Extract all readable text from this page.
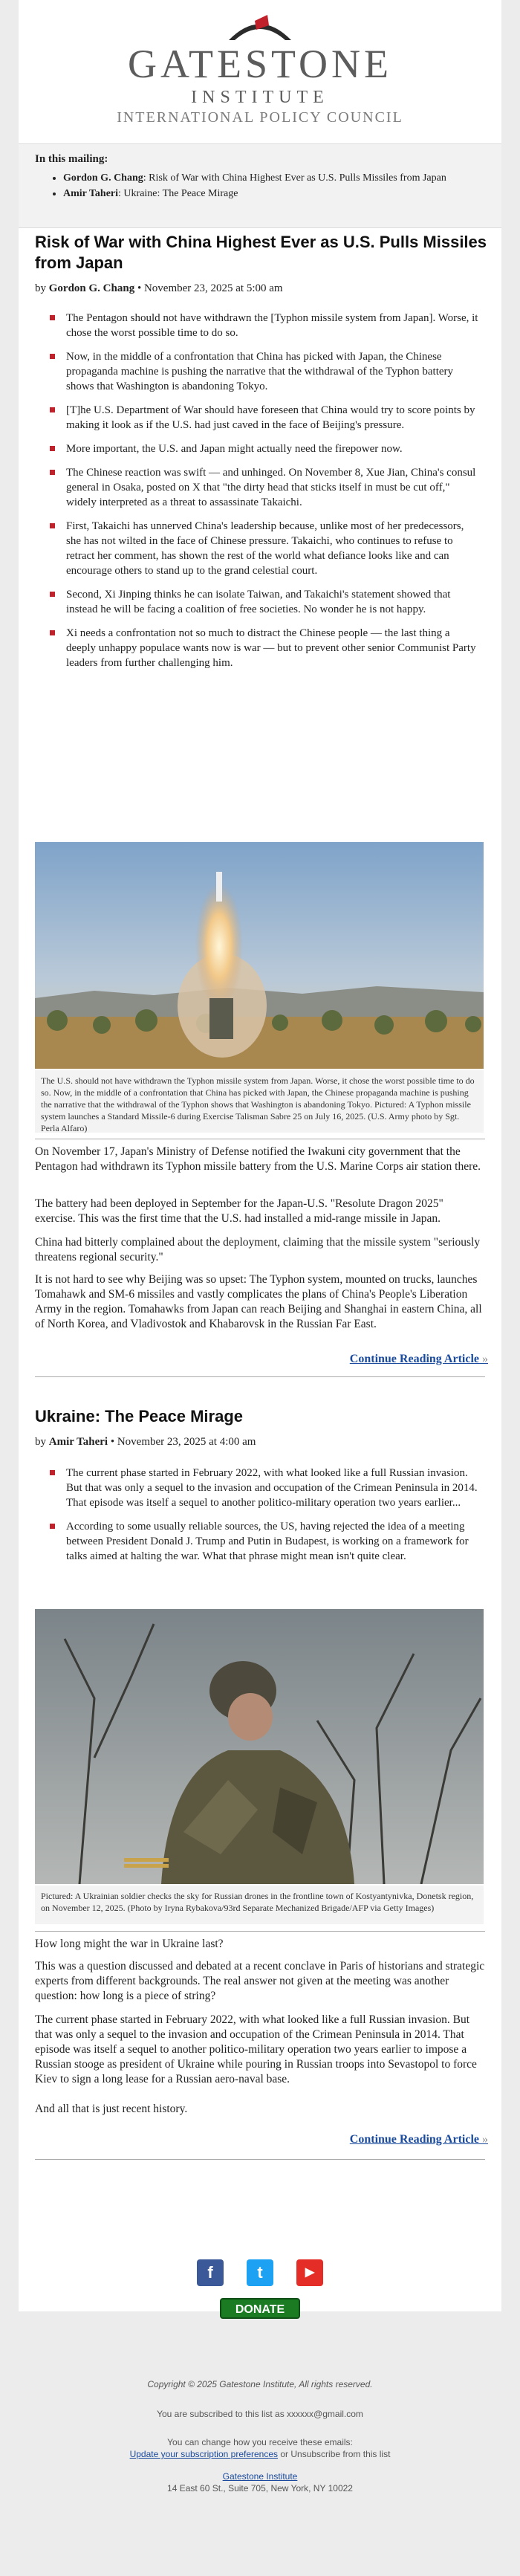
GATESTONE
INSTITUTE
INTERNATIONAL POLICY COUNCIL
In this mailing:
• Gordon G. Chang: Risk of War with China Highest Ever as U.S. Pulls Missiles from Japan
• Amir Taheri: Ukraine: The Peace Mirage
Risk of War with China Highest Ever as U.S. Pulls Missiles from Japan
by Gordon G. Chang • November 23, 2025 at 5:00 am
The Pentagon should not have withdrawn the [Typhon missile system from Japan]. Worse, it chose the worst possible time to do so.
Now, in the middle of a confrontation that China has picked with Japan, the Chinese propaganda machine is pushing the narrative that the withdrawal of the Typhon battery shows that Washington is abandoning Tokyo.
[T]he U.S. Department of War should have foreseen that China would try to score points by making it look as if the U.S. had just caved in the face of Beijing's pressure.
More important, the U.S. and Japan might actually need the firepower now.
The Chinese reaction was swift — and unhinged. On November 8, Xue Jian, China's consul general in Osaka, posted on X that "the dirty head that sticks itself in must be cut off," widely interpreted as a threat to assassinate Takaichi.
First, Takaichi has unnerved China's leadership because, unlike most of her predecessors, she has not wilted in the face of Chinese pressure. Takaichi, who continues to refuse to retract her comment, has shown the rest of the world what defiance looks like and can encourage others to stand up to the grand celestial court.
Second, Xi Jinping thinks he can isolate Taiwan, and Takaichi's statement showed that instead he will be facing a coalition of free societies. No wonder he is not happy.
Xi needs a confrontation not so much to distract the Chinese people — the last thing a deeply unhappy populace wants now is war — but to prevent other senior Communist Party leaders from further challenging him.
The U.S. should not have withdrawn the Typhon missile system from Japan. Worse, it chose the worst possible time to do so. Now, in the middle of a confrontation that China has picked with Japan, the Chinese propaganda machine is pushing the narrative that the withdrawal of the Typhon shows that Washington is abandoning Tokyo. Pictured: A Typhon missile system launches a Standard Missile-6 during Exercise Talisman Sabre 25 on July 16, 2025. (U.S. Army photo by Sgt. Perla Alfaro)

On November 17, Japan's Ministry of Defense notified the Iwakuni city government that the Pentagon had withdrawn its Typhon missile battery from the U.S. Marine Corps air station there.

The battery had been deployed in September for the Japan-U.S. "Resolute Dragon 2025" exercise. This was the first time that the U.S. had installed a mid-range missile in Japan.

China had bitterly complained about the deployment, claiming that the missile system "seriously threatens regional security."

It is not hard to see why Beijing was so upset: The Typhon system, mounted on trucks, launches Tomahawk and SM-6 missiles and vastly complicates the plans of China's People's Liberation Army in the region. Tomahawks from Japan can reach Beijing and Shanghai in eastern China, all of North Korea, and Vladivostok and Khabarovsk in the Russian Far East.

Continue Reading Article »
Ukraine: The Peace Mirage
by Amir Taheri • November 23, 2025 at 4:00 am
The current phase started in February 2022, with what looked like a full Russian invasion. But that was only a sequel to the invasion and occupation of the Crimean Peninsula in 2014. That episode was itself a sequel to another politico-military operation two years earlier...
According to some usually reliable sources, the US, having rejected the idea of a meeting between President Donald J. Trump and Putin in Budapest, is working on a framework for talks aimed at halting the war. What that phrase might mean isn't quite clear.
Pictured: A Ukrainian soldier checks the sky for Russian drones in the frontline town of Kostyantynivka, Donetsk region, on November 12, 2025. (Photo by Iryna Rybakova/93rd Separate Mechanized Brigade/AFP via Getty Images)

How long might the war in Ukraine last?

This was a question discussed and debated at a recent conclave in Paris of historians and strategic experts from different backgrounds. The real answer not given at the meeting was another question: how long is a piece of string?

The current phase started in February 2022, with what looked like a full Russian invasion. But that was only a sequel to the invasion and occupation of the Crimean Peninsula in 2014. That episode was itself a sequel to another politico-military operation two years earlier to impose a Russian stooge as president of Ukraine while pouring in Russian troops into Sevastopol to force Kiev to sign a long lease for a Russian aero-naval base.

And all that is just recent history.

Continue Reading Article »
f	t	▶
DONATE
Copyright © 2025 Gatestone Institute, All rights reserved.
You are subscribed to this list as xxxxxx@gmail.com
You can change how you receive these emails:
Update your subscription preferences or Unsubscribe from this list
Gatestone Institute
14 East 60 St., Suite 705, New York, NY 10022
